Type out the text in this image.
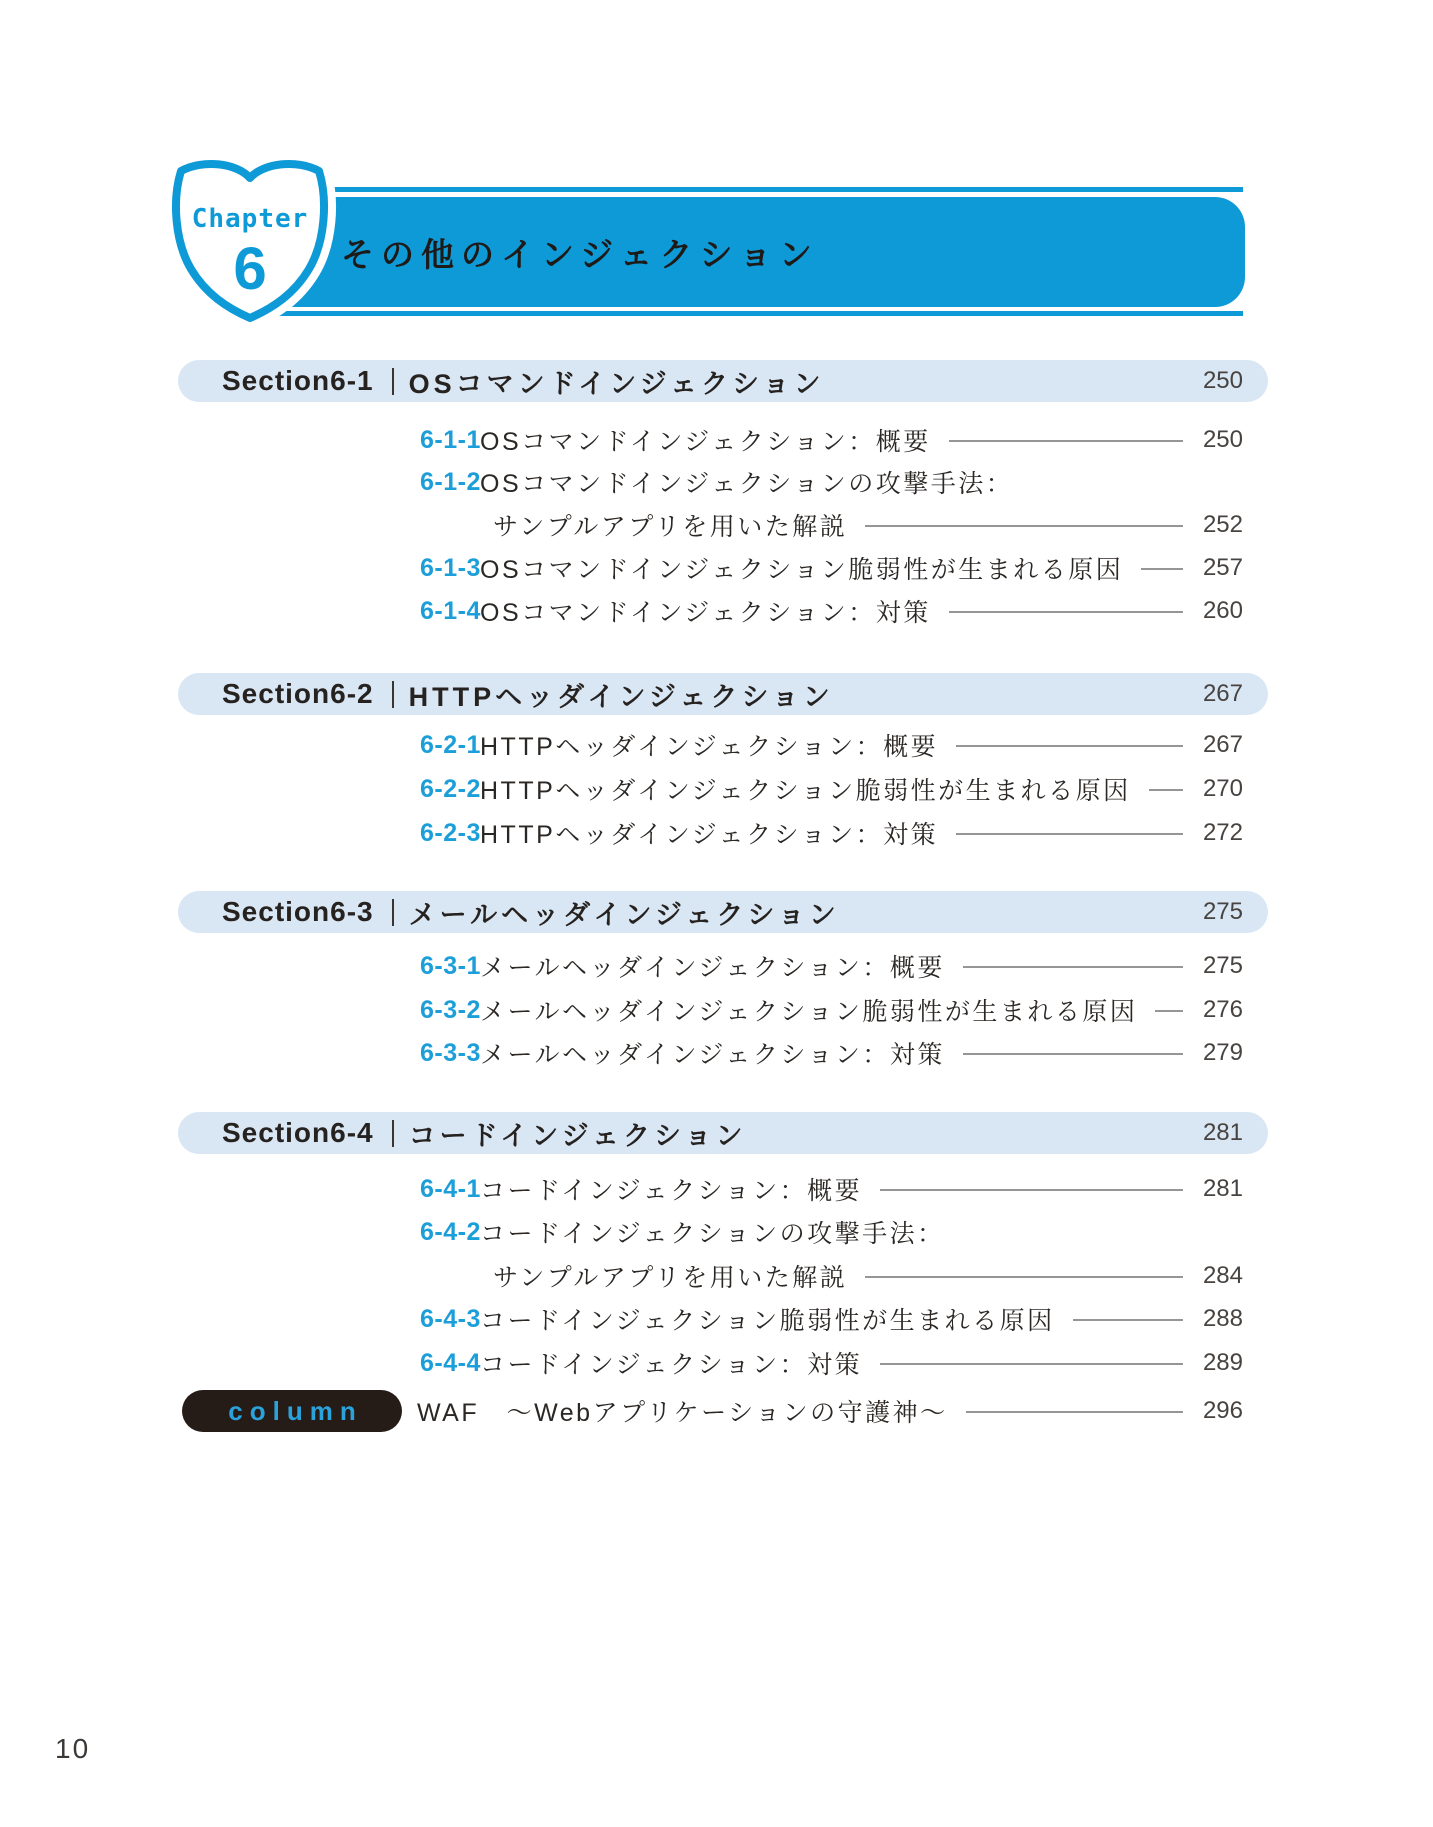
その他のインジェクション
Chapter
6
Section6-1 OSコマンドインジェクション	250
6-1-1 OSコマンドインジェクション：概要	250
6-1-2 OSコマンドインジェクションの攻撃手法：
サンプルアプリを用いた解説	252
6-1-3 OSコマンドインジェクション脆弱性が生まれる原因	257
6-1-4 OSコマンドインジェクション：対策	260
Section6-2 HTTPヘッダインジェクション	267
6-2-1 HTTPヘッダインジェクション：概要	267
6-2-2 HTTPヘッダインジェクション脆弱性が生まれる原因	270
6-2-3 HTTPヘッダインジェクション：対策	272
Section6-3 メールヘッダインジェクション	275
6-3-1 メールヘッダインジェクション：概要	275
6-3-2 メールヘッダインジェクション脆弱性が生まれる原因	276
6-3-3 メールヘッダインジェクション：対策	279
Section6-4 コードインジェクション	281
6-4-1 コードインジェクション：概要	281
6-4-2 コードインジェクションの攻撃手法：
サンプルアプリを用いた解説	284
6-4-3 コードインジェクション脆弱性が生まれる原因	288
6-4-4 コードインジェクション：対策	289
column WAF　～Webアプリケーションの守護神～	296
10
